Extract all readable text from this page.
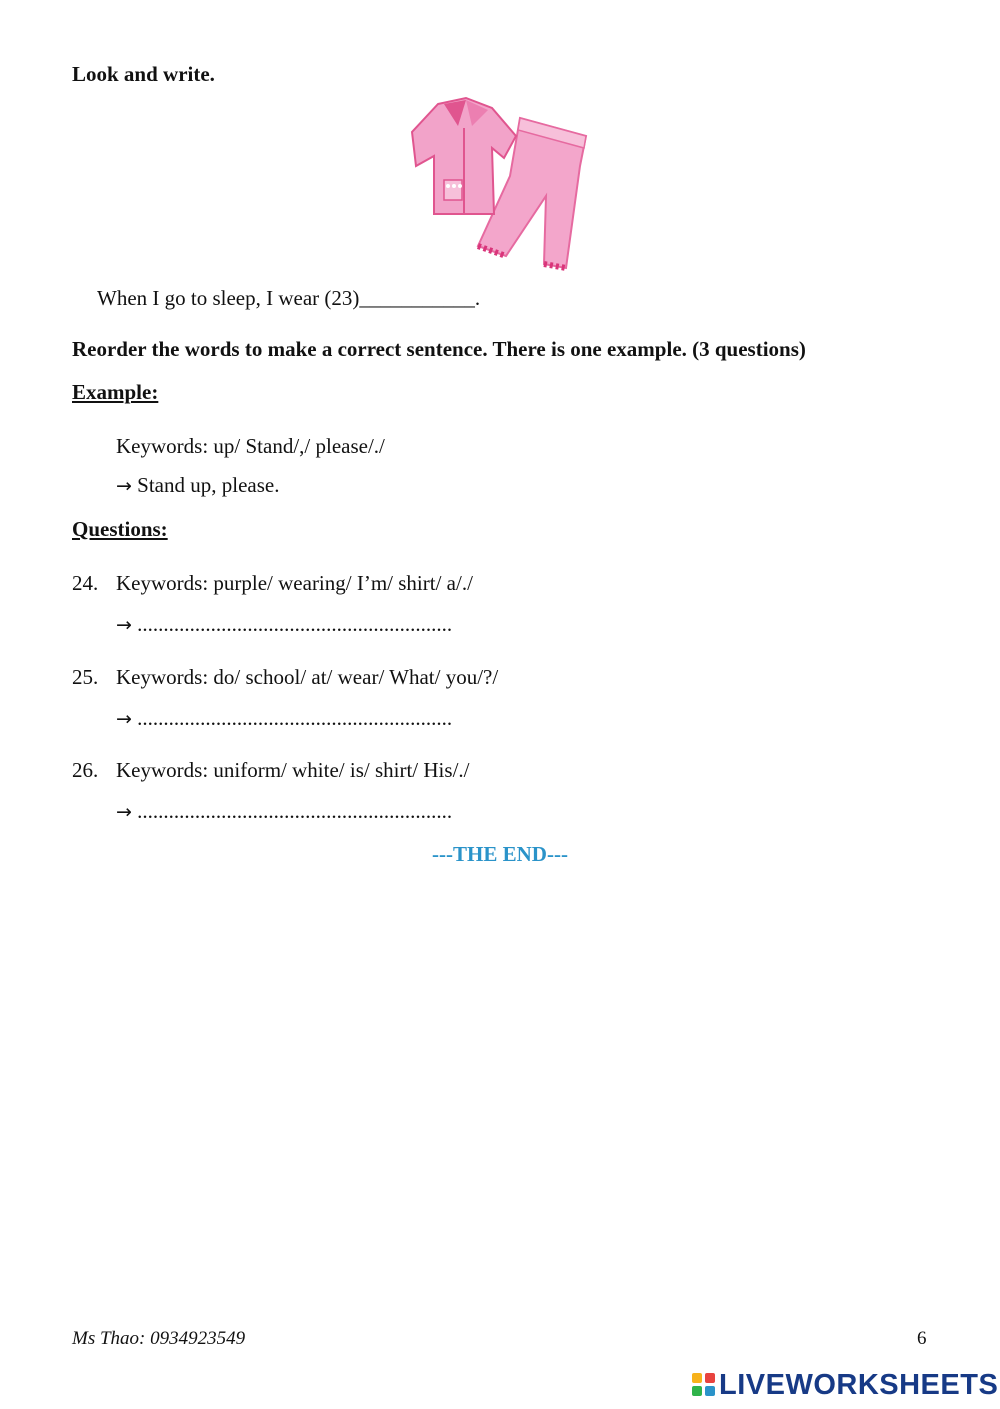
Look and write.
When I go to sleep, I wear (23)___________.
Reorder the words to make a correct sentence. There is one example. (3 questions)
Example:
Keywords: up/ Stand/,/ please/./
→ Stand up, please.
Questions:
24. Keywords: purple/ wearing/ I’m/ shirt/ a/./
→ ............................................................
25. Keywords: do/ school/ at/ wear/ What/ you/?/
→ ............................................................
26. Keywords: uniform/ white/ is/ shirt/ His/./
→ ............................................................
---THE END---
Ms Thao: 0934923549	6
LIVEWORKSHEETS
